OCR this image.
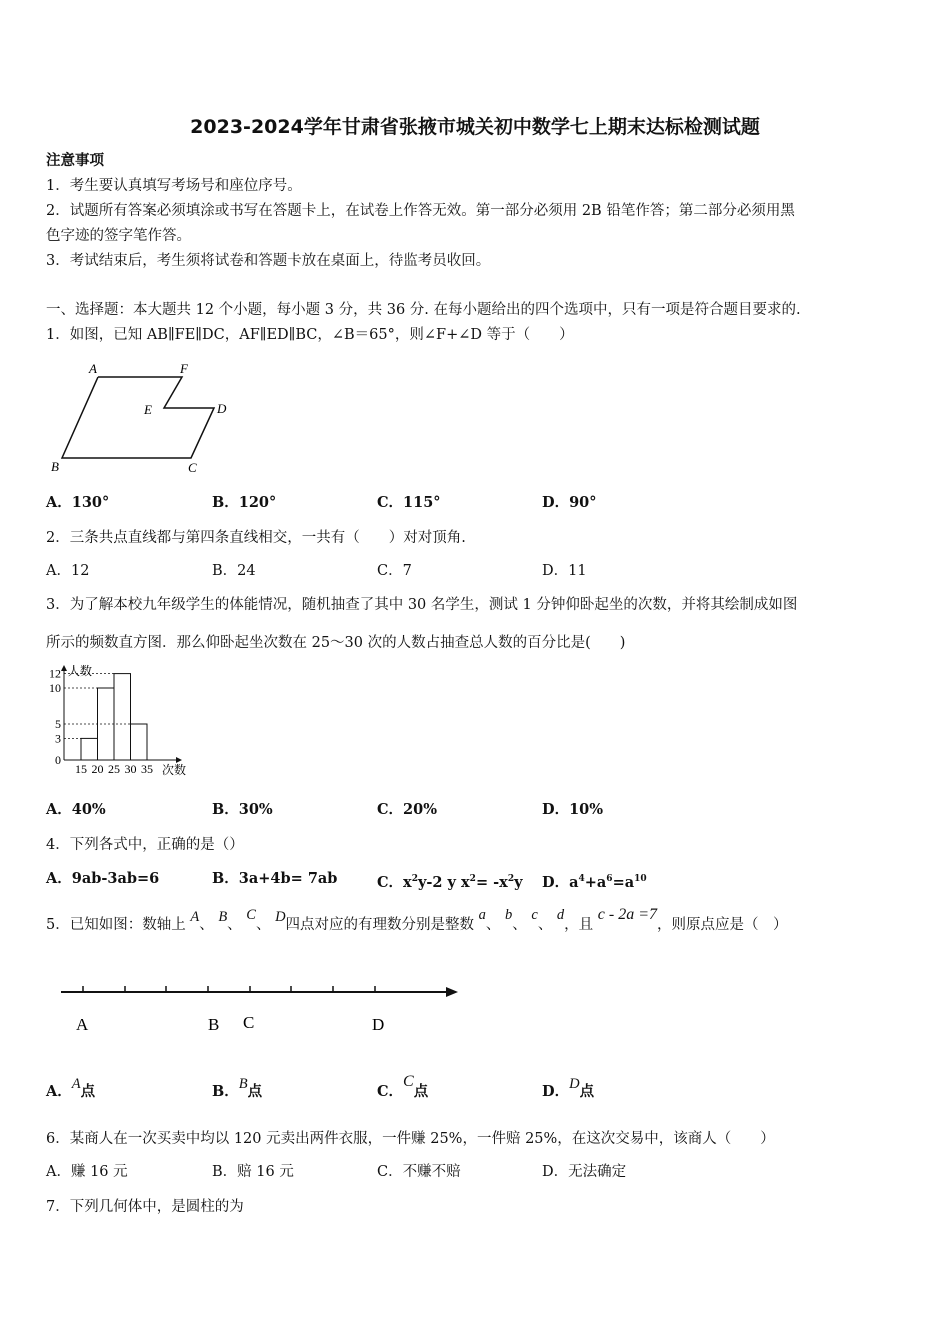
2023-2024学年甘肃省张掖市城关初中数学七上期末达标检测试题
注意事项
1．考生要认真填写考场号和座位序号。
2．试题所有答案必须填涂或书写在答题卡上，在试卷上作答无效。第一部分必须用 2B 铅笔作答；第二部分必须用黑
色字迹的签字笔作答。
3．考试结束后，考生须将试卷和答题卡放在桌面上，待监考员收回。
一、选择题：本大题共 12 个小题，每小题 3 分，共 36 分. 在每小题给出的四个选项中，只有一项是符合题目要求的.
1．如图，已知 AB∥FE∥DC，AF∥ED∥BC，∠B＝65°，则∠F+∠D 等于（　　）
A	F
E	D
B	C
A．130°	B．120°	C．115°	D．90°
2．三条共点直线都与第四条直线相交，一共有（　　）对对顶角.
A．12	B．24	C．7	D．11
3．为了解本校九年级学生的体能情况，随机抽查了其中 30 名学生，测试 1 分钟仰卧起坐的次数，并将其绘制成如图
所示的频数直方图．那么仰卧起坐次数在 25～30 次的人数占抽查总人数的百分比是(　　)
人数
次数
0
3
5
10
12
15 20 25 30 35
A．40%	B．30%	C．20%	D．10%
4．下列各式中，正确的是（）
A．9ab-3ab=6	B．3a+4b= 7ab	C．$x^2y-2$ y $x^2= -x^2y$ D．$a^4+a^6=a^{10}$
5．已知如图：数轴上 A、 B、 C、 D四点对应的有理数分别是整数 a、 b、 c、 d，且 c - 2a =7，则原点应是（　）
A	B C	D
A．A点	B．B点	C．C点	D．D点
6．某商人在一次买卖中均以 120 元卖出两件衣服，一件赚 25%，一件赔 25%，在这次交易中，该商人（　　）
A．赚 16 元	B．赔 16 元	C．不赚不赔	D．无法确定
7．下列几何体中，是圆柱的为
